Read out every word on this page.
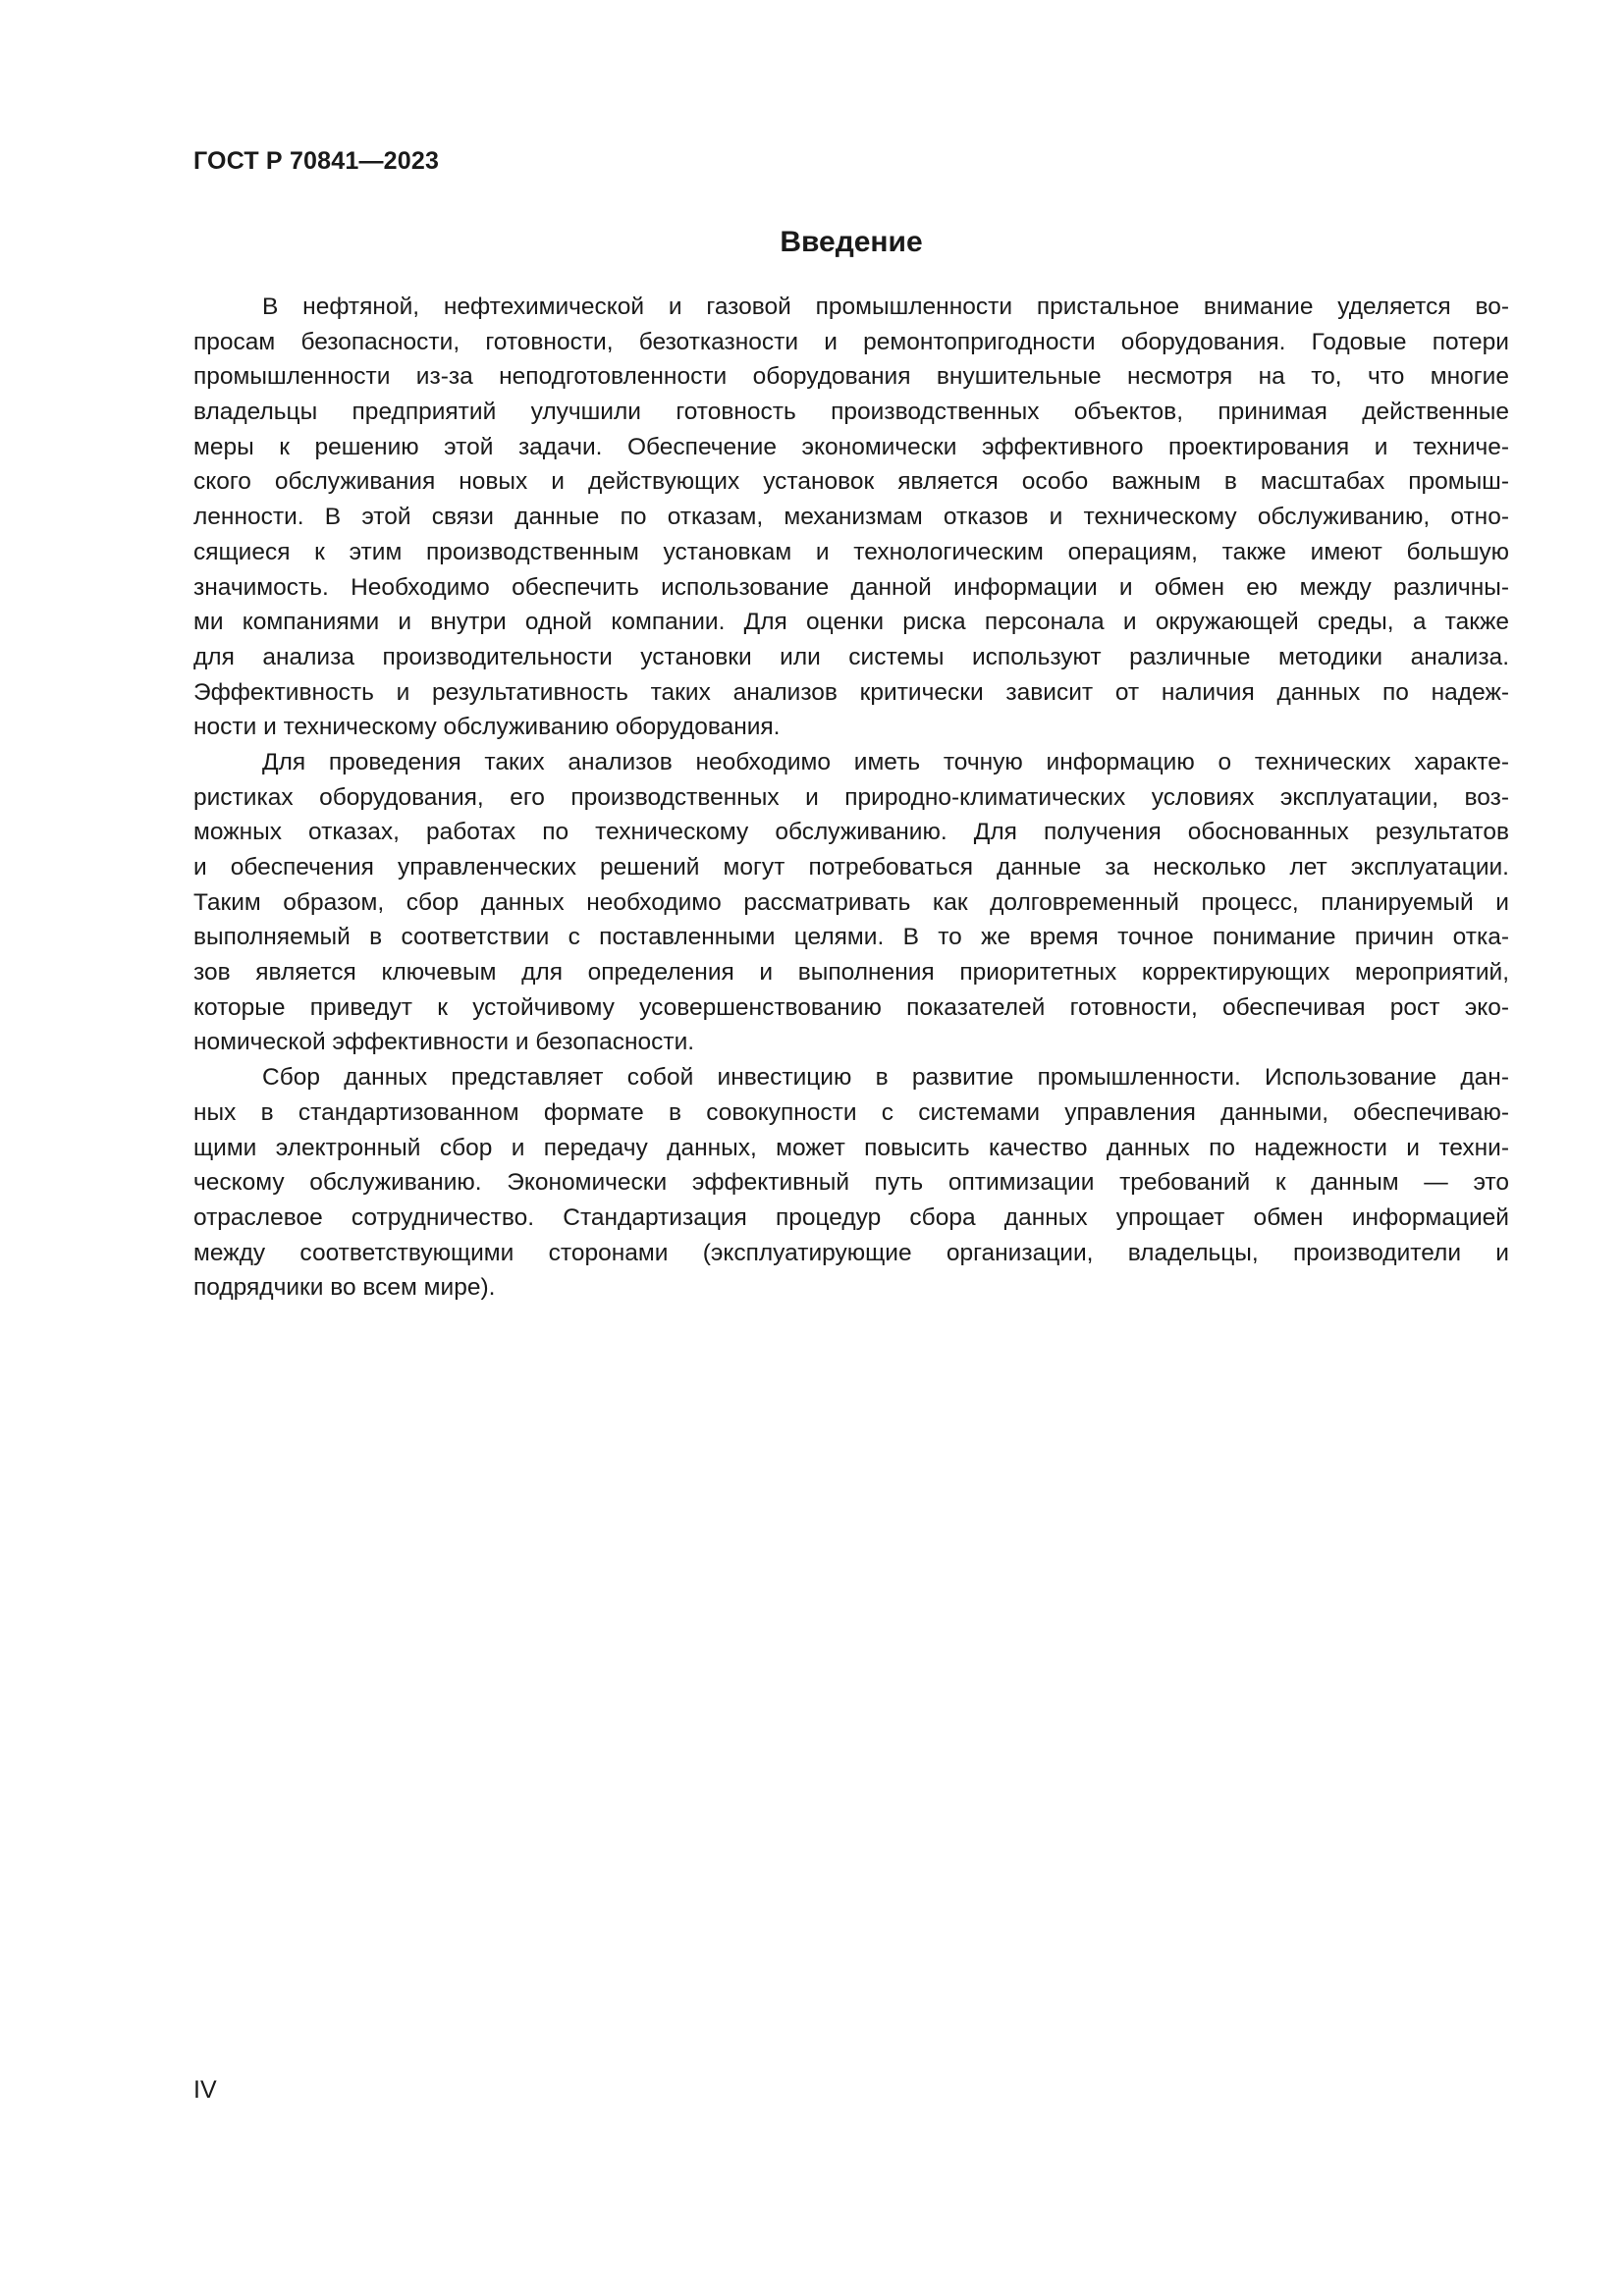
ГОСТ Р 70841—2023
Введение
В нефтяной, нефтехимической и газовой промышленности пристальное внимание уделяется во-
просам безопасности, готовности, безотказности и ремонтопригодности оборудования. Годовые потери
промышленности из-за неподготовленности оборудования внушительные несмотря на то, что многие
владельцы предприятий улучшили готовность производственных объектов, принимая действенные
меры к решению этой задачи. Обеспечение экономически эффективного проектирования и техниче-
ского обслуживания новых и действующих установок является особо важным в масштабах промыш-
ленности. В этой связи данные по отказам, механизмам отказов и техническому обслуживанию, отно-
сящиеся к этим производственным установкам и технологическим операциям, также имеют большую
значимость. Необходимо обеспечить использование данной информации и обмен ею между различны-
ми компаниями и внутри одной компании. Для оценки риска персонала и окружающей среды, а также
для анализа производительности установки или системы используют различные методики анализа.
Эффективность и результативность таких анализов критически зависит от наличия данных по надеж-
ности и техническому обслуживанию оборудования.
Для проведения таких анализов необходимо иметь точную информацию о технических характе-
ристиках оборудования, его производственных и природно-климатических условиях эксплуатации, воз-
можных отказах, работах по техническому обслуживанию. Для получения обоснованных результатов
и обеспечения управленческих решений могут потребоваться данные за несколько лет эксплуатации.
Таким образом, сбор данных необходимо рассматривать как долговременный процесс, планируемый и
выполняемый в соответствии с поставленными целями. В то же время точное понимание причин отка-
зов является ключевым для определения и выполнения приоритетных корректирующих мероприятий,
которые приведут к устойчивому усовершенствованию показателей готовности, обеспечивая рост эко-
номической эффективности и безопасности.
Сбор данных представляет собой инвестицию в развитие промышленности. Использование дан-
ных в стандартизованном формате в совокупности с системами управления данными, обеспечиваю-
щими электронный сбор и передачу данных, может повысить качество данных по надежности и техни-
ческому обслуживанию. Экономически эффективный путь оптимизации требований к данным — это
отраслевое сотрудничество. Стандартизация процедур сбора данных упрощает обмен информацией
между соответствующими сторонами (эксплуатирующие организации, владельцы, производители и
подрядчики во всем мире).
IV
